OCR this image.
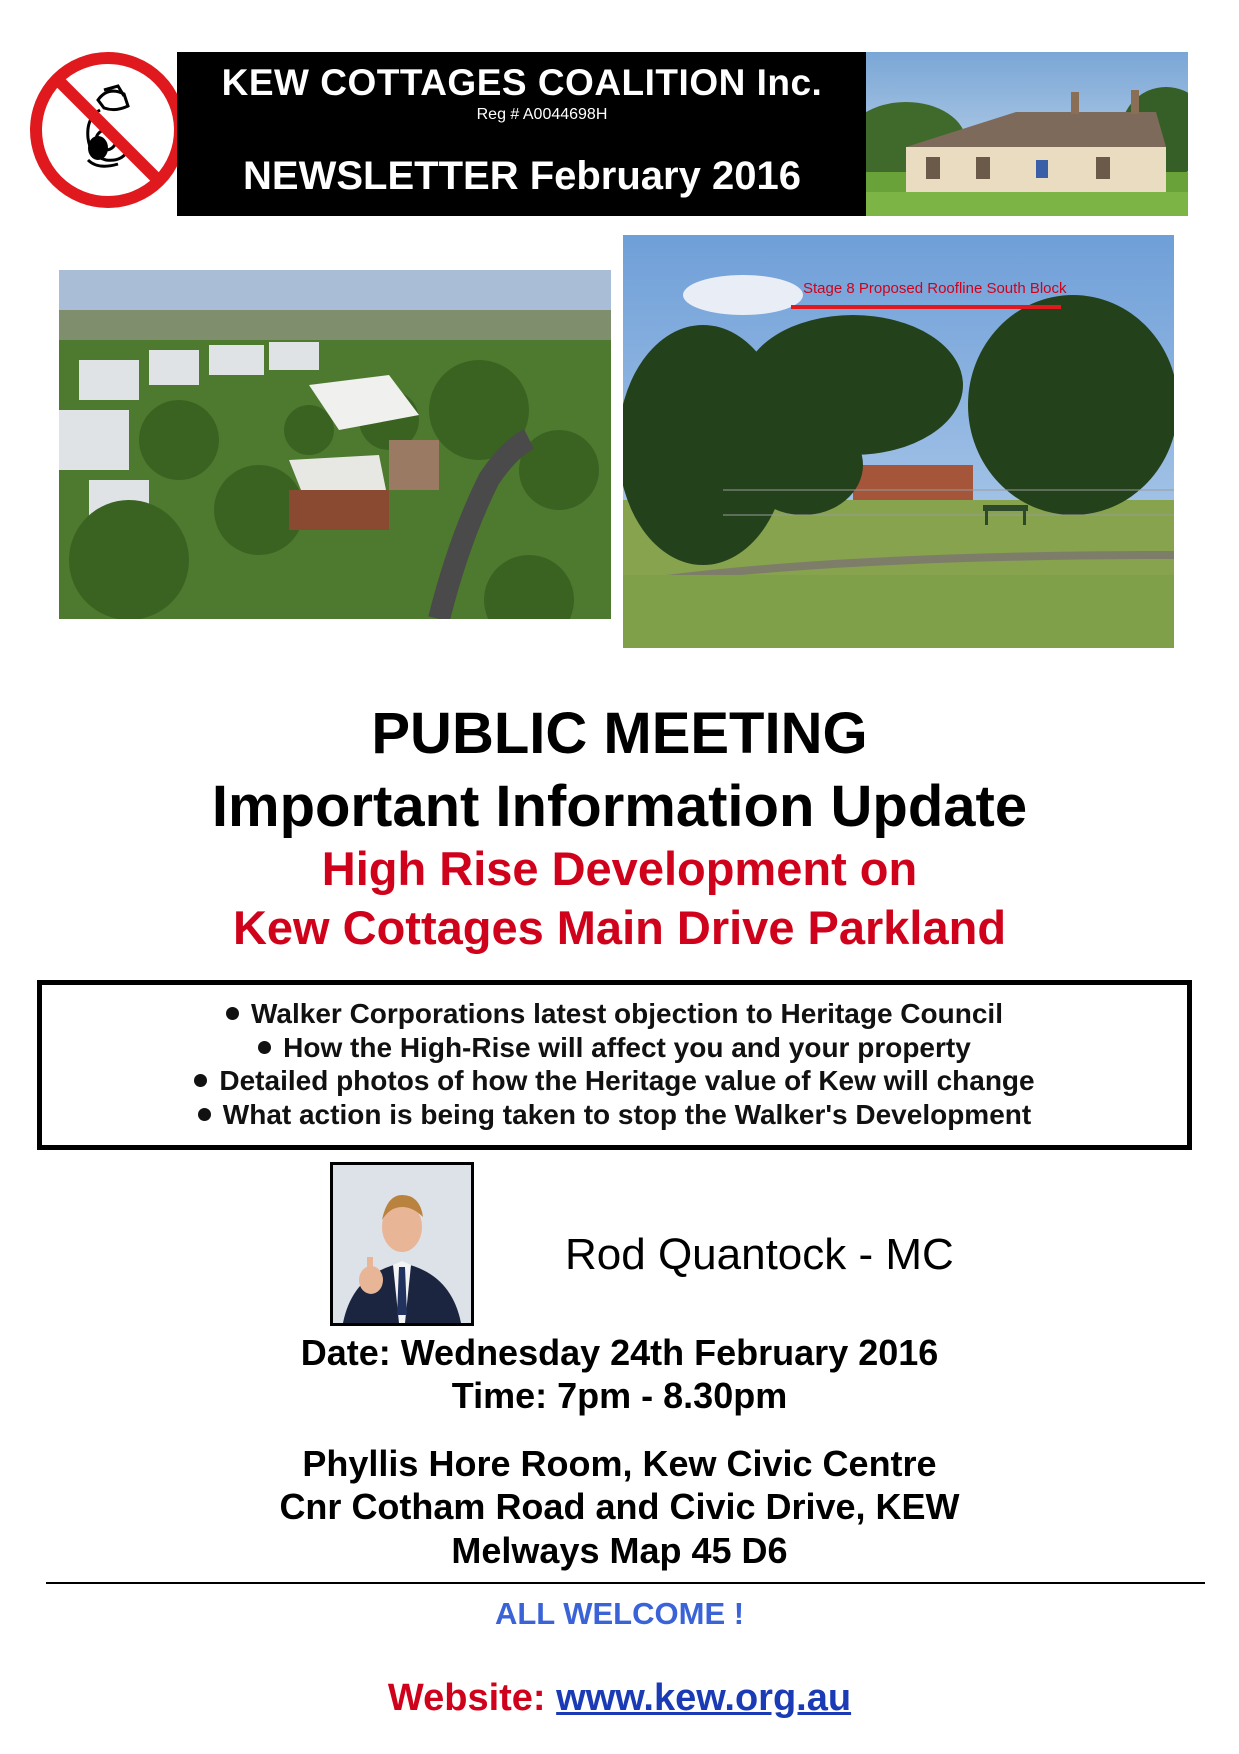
KEW COTTAGES COALITION Inc.
Reg # A0044698H
NEWSLETTER February 2016
Stage 8 Proposed Roofline South Block
PUBLIC MEETING
Important Information Update
High Rise Development on
Kew Cottages Main Drive Parkland
Walker Corporations latest objection to Heritage Council
How the High-Rise will affect you and your property
Detailed photos of how the Heritage value of Kew will change
What action is being taken to stop the Walker's Development
Rod Quantock - MC
Date: Wednesday 24th February 2016
Time: 7pm - 8.30pm
Phyllis Hore Room, Kew Civic Centre
Cnr Cotham Road and Civic Drive, KEW
Melways Map 45 D6
ALL WELCOME !
Website: www.kew.org.au
